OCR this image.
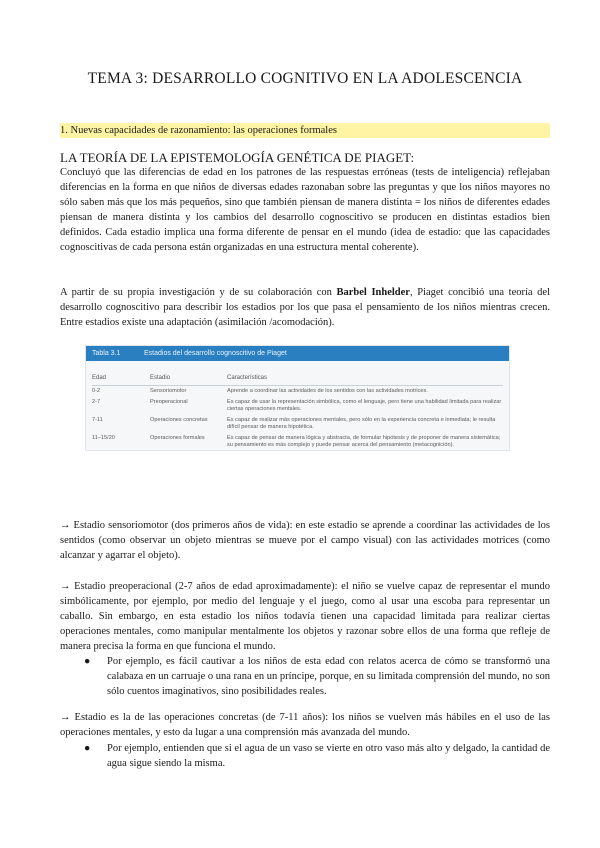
TEMA 3: DESARROLLO COGNITIVO EN LA ADOLESCENCIA
1. Nuevas capacidades de razonamiento: las operaciones formales
LA TEORÍA DE LA EPISTEMOLOGÍA GENÉTICA DE PIAGET:
Concluyó que las diferencias de edad en los patrones de las respuestas erróneas (tests de inteligencia) reflejaban diferencias en la forma en que niños de diversas edades razonaban sobre las preguntas y que los niños mayores no sólo saben más que los más pequeños, sino que también piensan de manera distinta = los niños de diferentes edades piensan de manera distinta y los cambios del desarrollo cognoscitivo se producen en distintas estadios bien definidos. Cada estadio implica una forma diferente de pensar en el mundo (idea de estadio: que las capacidades cognoscitivas de cada persona están organizadas en una estructura mental coherente).
A partir de su propia investigación y de su colaboración con Barbel Inhelder, Piaget concibió una teoría del desarrollo cognoscitivo para describir los estadios por los que pasa el pensamiento de los niños mientras crecen. Entre estadios existe una adaptación (asimilación /acomodación).
→ Estadio sensoriomotor (dos primeros años de vida): en este estadio se aprende a coordinar las actividades de los sentidos (como observar un objeto mientras se mueve por el campo visual) con las actividades motrices (como alcanzar y agarrar el objeto).
→ Estadio preoperacional (2-7 años de edad aproximadamente): el niño se vuelve capaz de representar el mundo simbólicamente, por ejemplo, por medio del lenguaje y el juego, como al usar una escoba para representar un caballo. Sin embargo, en esta estadio los niños todavía tienen una capacidad limitada para realizar ciertas operaciones mentales, como manipular mentalmente los objetos y razonar sobre ellos de una forma que refleje de manera precisa la forma en que funciona el mundo.
● Por ejemplo, es fácil cautivar a los niños de esta edad con relatos acerca de cómo se transformó una calabaza en un carruaje o una rana en un príncipe, porque, en su limitada comprensión del mundo, no son sólo cuentos imaginativos, sino posibilidades reales.
→ Estadio es la de las operaciones concretas (de 7-11 años): los niños se vuelven más hábiles en el uso de las operaciones mentales, y esto da lugar a una comprensión más avanzada del mundo.
● Por ejemplo, entienden que si el agua de un vaso se vierte en otro vaso más alto y delgado, la cantidad de agua sigue siendo la misma.
Tabla 3.1	Estadios del desarrollo cognoscitivo de Piaget
Edad	Estadio	Características
0-2	Sensoriomotor	Aprende a coordinar las actividades de los sentidos con las actividades motrices.
2-7	Preoperacional	Es capaz de usar la representación simbólica, como el lenguaje, pero tiene una habilidad limitada para realizar ciertas operaciones mentales.
7-11	Operaciones concretas	Es capaz de realizar más operaciones mentales, pero sólo en la experiencia concreta e inmediata; le resulta difícil pensar de manera hipotética.
11–15/20	Operaciones formales	Es capaz de pensar de manera lógica y abstracta, de formular hipótesis y de proponer de manera sistemática; su pensamiento es más complejo y puede pensar acerca del pensamiento (metacognición).
